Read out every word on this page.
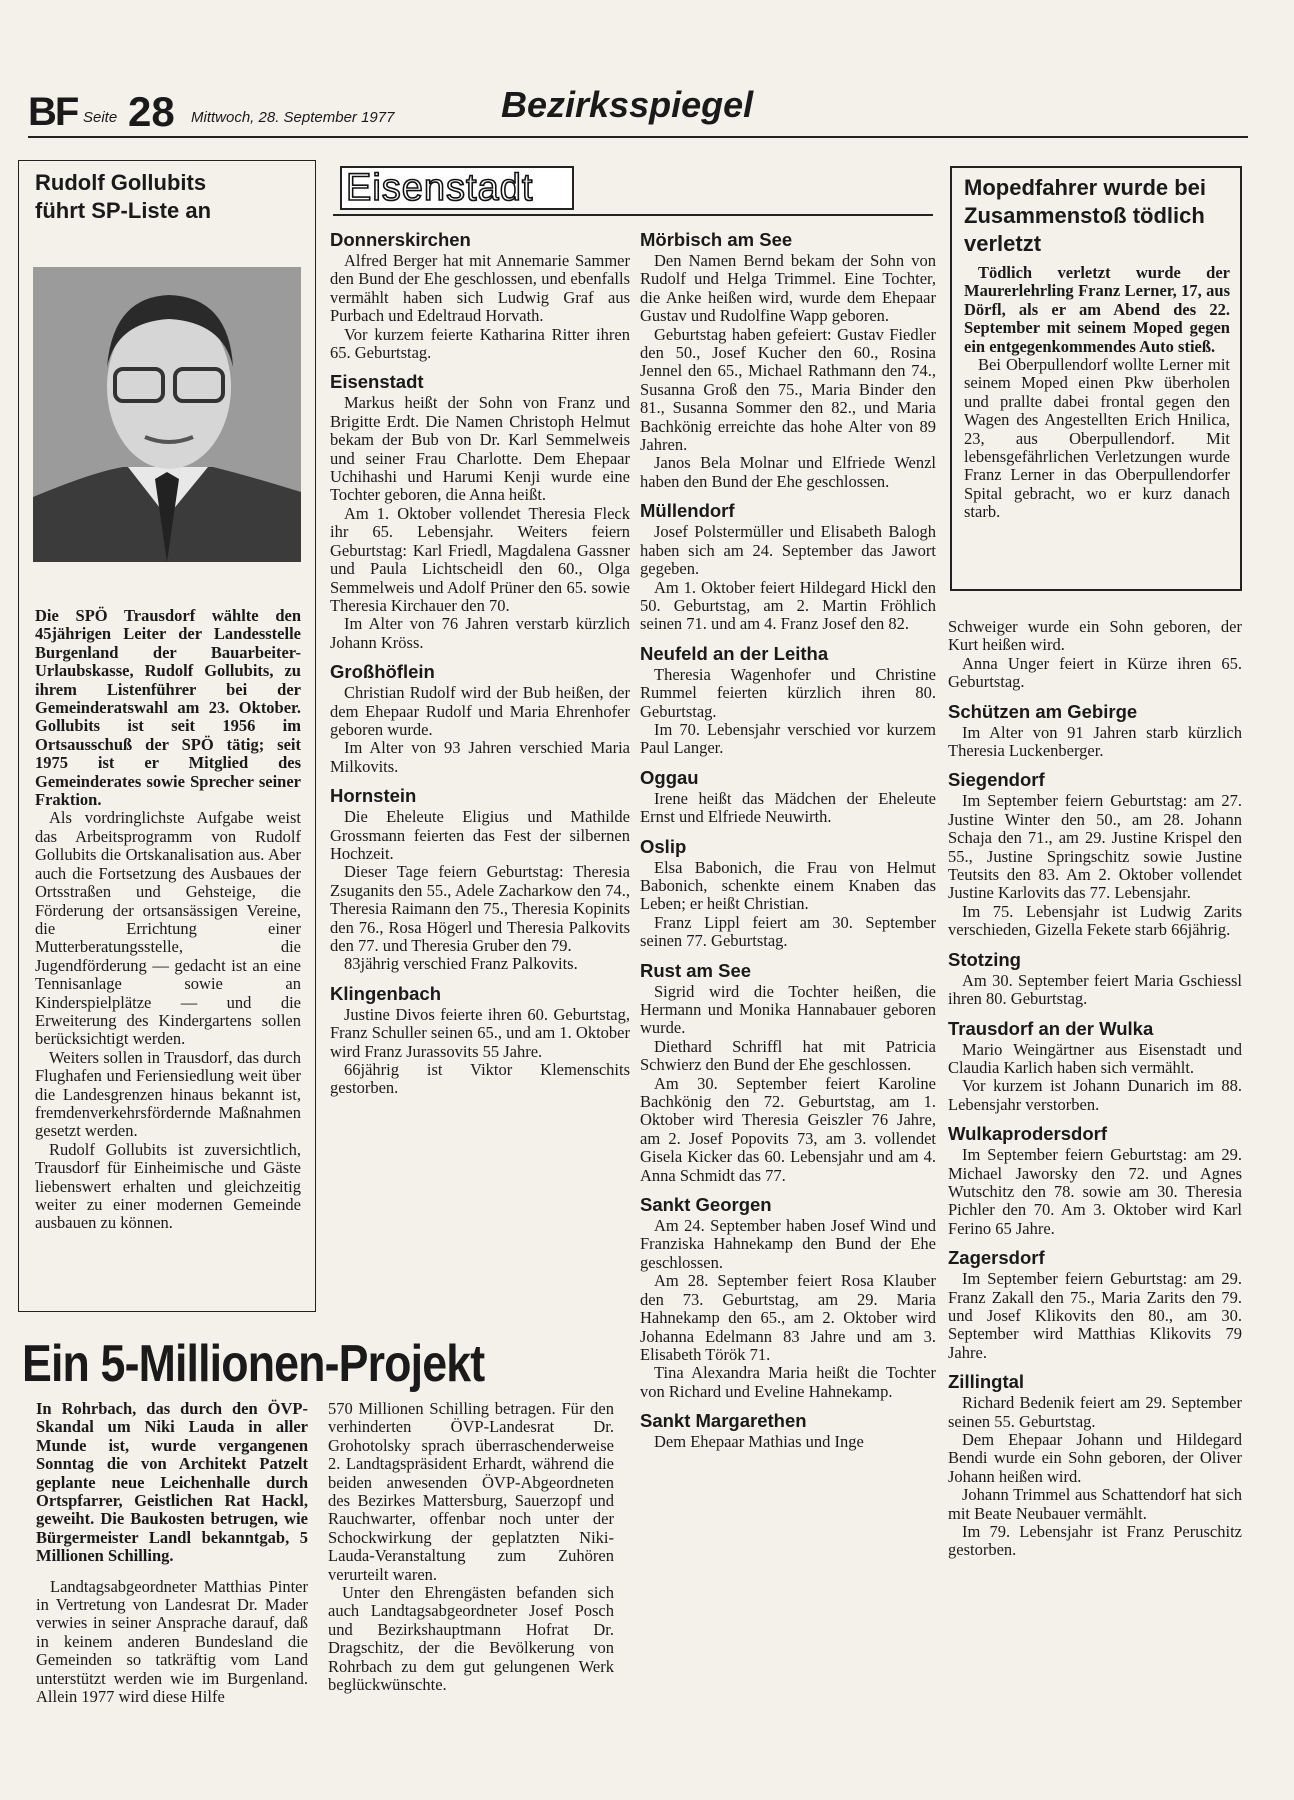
BF Seite 28 Mittwoch, 28. September 1977	Bezirksspiegel
Rudolf Gollubits führt SP-Liste an

Die SPÖ Trausdorf wählte den 45jährigen Leiter der Landesstelle Burgenland der Bauarbeiter-Urlaubskasse, Rudolf Gollubits, zu ihrem Listenführer bei der Gemeinderatswahl am 23. Oktober. Gollubits ist seit 1956 im Ortsausschuß der SPÖ tätig; seit 1975 ist er Mitglied des Gemeinderates sowie Sprecher seiner Fraktion.

Als vordringlichste Aufgabe weist das Arbeitsprogramm von Rudolf Gollubits die Ortskanalisation aus. Aber auch die Fortsetzung des Ausbaues der Ortsstraßen und Gehsteige, die Förderung der ortsansässigen Vereine, die Errichtung einer Mutterberatungsstelle, die Jugendförderung — gedacht ist an eine Tennisanlage sowie an Kinderspielplätze — und die Erweiterung des Kindergartens sollen berücksichtigt werden.

Weiters sollen in Trausdorf, das durch Flughafen und Feriensiedlung weit über die Landesgrenzen hinaus bekannt ist, fremdenverkehrsfördernde Maßnahmen gesetzt werden.

Rudolf Gollubits ist zuversichtlich, Trausdorf für Einheimische und Gäste liebenswert erhalten und gleichzeitig weiter zu einer modernen Gemeinde ausbauen zu können.

Eisenstadt
Donnerskirchen

Alfred Berger hat mit Annemarie Sammer den Bund der Ehe geschlossen, und ebenfalls vermählt haben sich Ludwig Graf aus Purbach und Edeltraud Horvath.

Vor kurzem feierte Katharina Ritter ihren 65. Geburtstag.

Eisenstadt

Markus heißt der Sohn von Franz und Brigitte Erdt. Die Namen Christoph Helmut bekam der Bub von Dr. Karl Semmelweis und seiner Frau Charlotte. Dem Ehepaar Uchihashi und Harumi Kenji wurde eine Tochter geboren, die Anna heißt.

Am 1. Oktober vollendet Theresia Fleck ihr 65. Lebensjahr. Weiters feiern Geburtstag: Karl Friedl, Magdalena Gassner und Paula Lichtscheidl den 60., Olga Semmelweis und Adolf Prüner den 65. sowie Theresia Kirchauer den 70.

Im Alter von 76 Jahren verstarb kürzlich Johann Kröss.

Großhöflein

Christian Rudolf wird der Bub heißen, der dem Ehepaar Rudolf und Maria Ehrenhofer geboren wurde.

Im Alter von 93 Jahren verschied Maria Milkovits.

Hornstein

Die Eheleute Eligius und Mathilde Grossmann feierten das Fest der silbernen Hochzeit.

Dieser Tage feiern Geburtstag: Theresia Zsuganits den 55., Adele Zacharkow den 74., Theresia Raimann den 75., Theresia Kopinits den 76., Rosa Högerl und Theresia Palkovits den 77. und Theresia Gruber den 79.

83jährig verschied Franz Palkovits.

Klingenbach

Justine Divos feierte ihren 60. Geburtstag, Franz Schuller seinen 65., und am 1. Oktober wird Franz Jurassovits 55 Jahre.

66jährig ist Viktor Klemenschits gestorben.

Mörbisch am See

Den Namen Bernd bekam der Sohn von Rudolf und Helga Trimmel. Eine Tochter, die Anke heißen wird, wurde dem Ehepaar Gustav und Rudolfine Wapp geboren.

Geburtstag haben gefeiert: Gustav Fiedler den 50., Josef Kucher den 60., Rosina Jennel den 65., Michael Rathmann den 74., Susanna Groß den 75., Maria Binder den 81., Susanna Sommer den 82., und Maria Bachkönig erreichte das hohe Alter von 89 Jahren.

Janos Bela Molnar und Elfriede Wenzl haben den Bund der Ehe geschlossen.

Müllendorf

Josef Polstermüller und Elisabeth Balogh haben sich am 24. September das Jawort gegeben.

Am 1. Oktober feiert Hildegard Hickl den 50. Geburtstag, am 2. Martin Fröhlich seinen 71. und am 4. Franz Josef den 82.

Neufeld an der Leitha

Theresia Wagenhofer und Christine Rummel feierten kürzlich ihren 80. Geburtstag.

Im 70. Lebensjahr verschied vor kurzem Paul Langer.

Oggau

Irene heißt das Mädchen der Eheleute Ernst und Elfriede Neuwirth.

Oslip

Elsa Babonich, die Frau von Helmut Babonich, schenkte einem Knaben das Leben; er heißt Christian.

Franz Lippl feiert am 30. September seinen 77. Geburtstag.

Rust am See

Sigrid wird die Tochter heißen, die Hermann und Monika Hannabauer geboren wurde.

Diethard Schriffl hat mit Patricia Schwierz den Bund der Ehe geschlossen.

Am 30. September feiert Karoline Bachkönig den 72. Geburtstag, am 1. Oktober wird Theresia Geiszler 76 Jahre, am 2. Josef Popovits 73, am 3. vollendet Gisela Kicker das 60. Lebensjahr und am 4. Anna Schmidt das 77.

Sankt Georgen

Am 24. September haben Josef Wind und Franziska Hahnekamp den Bund der Ehe geschlossen.

Am 28. September feiert Rosa Klauber den 73. Geburtstag, am 29. Maria Hahnekamp den 65., am 2. Oktober wird Johanna Edelmann 83 Jahre und am 3. Elisabeth Török 71.

Tina Alexandra Maria heißt die Tochter von Richard und Eveline Hahnekamp.

Sankt Margarethen

Dem Ehepaar Mathias und Inge

Mopedfahrer wurde bei Zusammenstoß tödlich verletzt

Tödlich verletzt wurde der Maurerlehrling Franz Lerner, 17, aus Dörfl, als er am Abend des 22. September mit seinem Moped gegen ein entgegenkommendes Auto stieß.

Bei Oberpullendorf wollte Lerner mit seinem Moped einen Pkw überholen und prallte dabei frontal gegen den Wagen des Angestellten Erich Hnilica, 23, aus Oberpullendorf. Mit lebensgefährlichen Verletzungen wurde Franz Lerner in das Oberpullendorfer Spital gebracht, wo er kurz danach starb.

Schweiger wurde ein Sohn geboren, der Kurt heißen wird.

Anna Unger feiert in Kürze ihren 65. Geburtstag.

Schützen am Gebirge

Im Alter von 91 Jahren starb kürzlich Theresia Luckenberger.

Siegendorf

Im September feiern Geburtstag: am 27. Justine Winter den 50., am 28. Johann Schaja den 71., am 29. Justine Krispel den 55., Justine Springschitz sowie Justine Teutsits den 83. Am 2. Oktober vollendet Justine Karlovits das 77. Lebensjahr.

Im 75. Lebensjahr ist Ludwig Zarits verschieden, Gizella Fekete starb 66jährig.

Stotzing

Am 30. September feiert Maria Gschiessl ihren 80. Geburtstag.

Trausdorf an der Wulka

Mario Weingärtner aus Eisenstadt und Claudia Karlich haben sich vermählt.

Vor kurzem ist Johann Dunarich im 88. Lebensjahr verstorben.

Wulkaprodersdorf

Im September feiern Geburtstag: am 29. Michael Jaworsky den 72. und Agnes Wutschitz den 78. sowie am 30. Theresia Pichler den 70. Am 3. Oktober wird Karl Ferino 65 Jahre.

Zagersdorf

Im September feiern Geburtstag: am 29. Franz Zakall den 75., Maria Zarits den 79. und Josef Klikovits den 80., am 30. September wird Matthias Klikovits 79 Jahre.

Zillingtal

Richard Bedenik feiert am 29. September seinen 55. Geburtstag.

Dem Ehepaar Johann und Hildegard Bendi wurde ein Sohn geboren, der Oliver Johann heißen wird.

Johann Trimmel aus Schattendorf hat sich mit Beate Neubauer vermählt.

Im 79. Lebensjahr ist Franz Peruschitz gestorben.

Ein 5-Millionen-Projekt

In Rohrbach, das durch den ÖVP-Skandal um Niki Lauda in aller Munde ist, wurde vergangenen Sonntag die von Architekt Patzelt geplante neue Leichenhalle durch Ortspfarrer, Geistlichen Rat Hackl, geweiht. Die Baukosten betrugen, wie Bürgermeister Landl bekanntgab, 5 Millionen Schilling.

Landtagsabgeordneter Matthias Pinter in Vertretung von Landesrat Dr. Mader verwies in seiner Ansprache darauf, daß in keinem anderen Bundesland die Gemeinden so tatkräftig vom Land unterstützt werden wie im Burgenland. Allein 1977 wird diese Hilfe

570 Millionen Schilling betragen. Für den verhinderten ÖVP-Landesrat Dr. Grohotolsky sprach überraschenderweise 2. Landtagspräsident Erhardt, während die beiden anwesenden ÖVP-Abgeordneten des Bezirkes Mattersburg, Sauerzopf und Rauchwarter, offenbar noch unter der Schockwirkung der geplatzten Niki-Lauda-Veranstaltung zum Zuhören verurteilt waren.

Unter den Ehrengästen befanden sich auch Landtagsabgeordneter Josef Posch und Bezirkshauptmann Hofrat Dr. Dragschitz, der die Bevölkerung von Rohrbach zu dem gut gelungenen Werk beglückwünschte.
